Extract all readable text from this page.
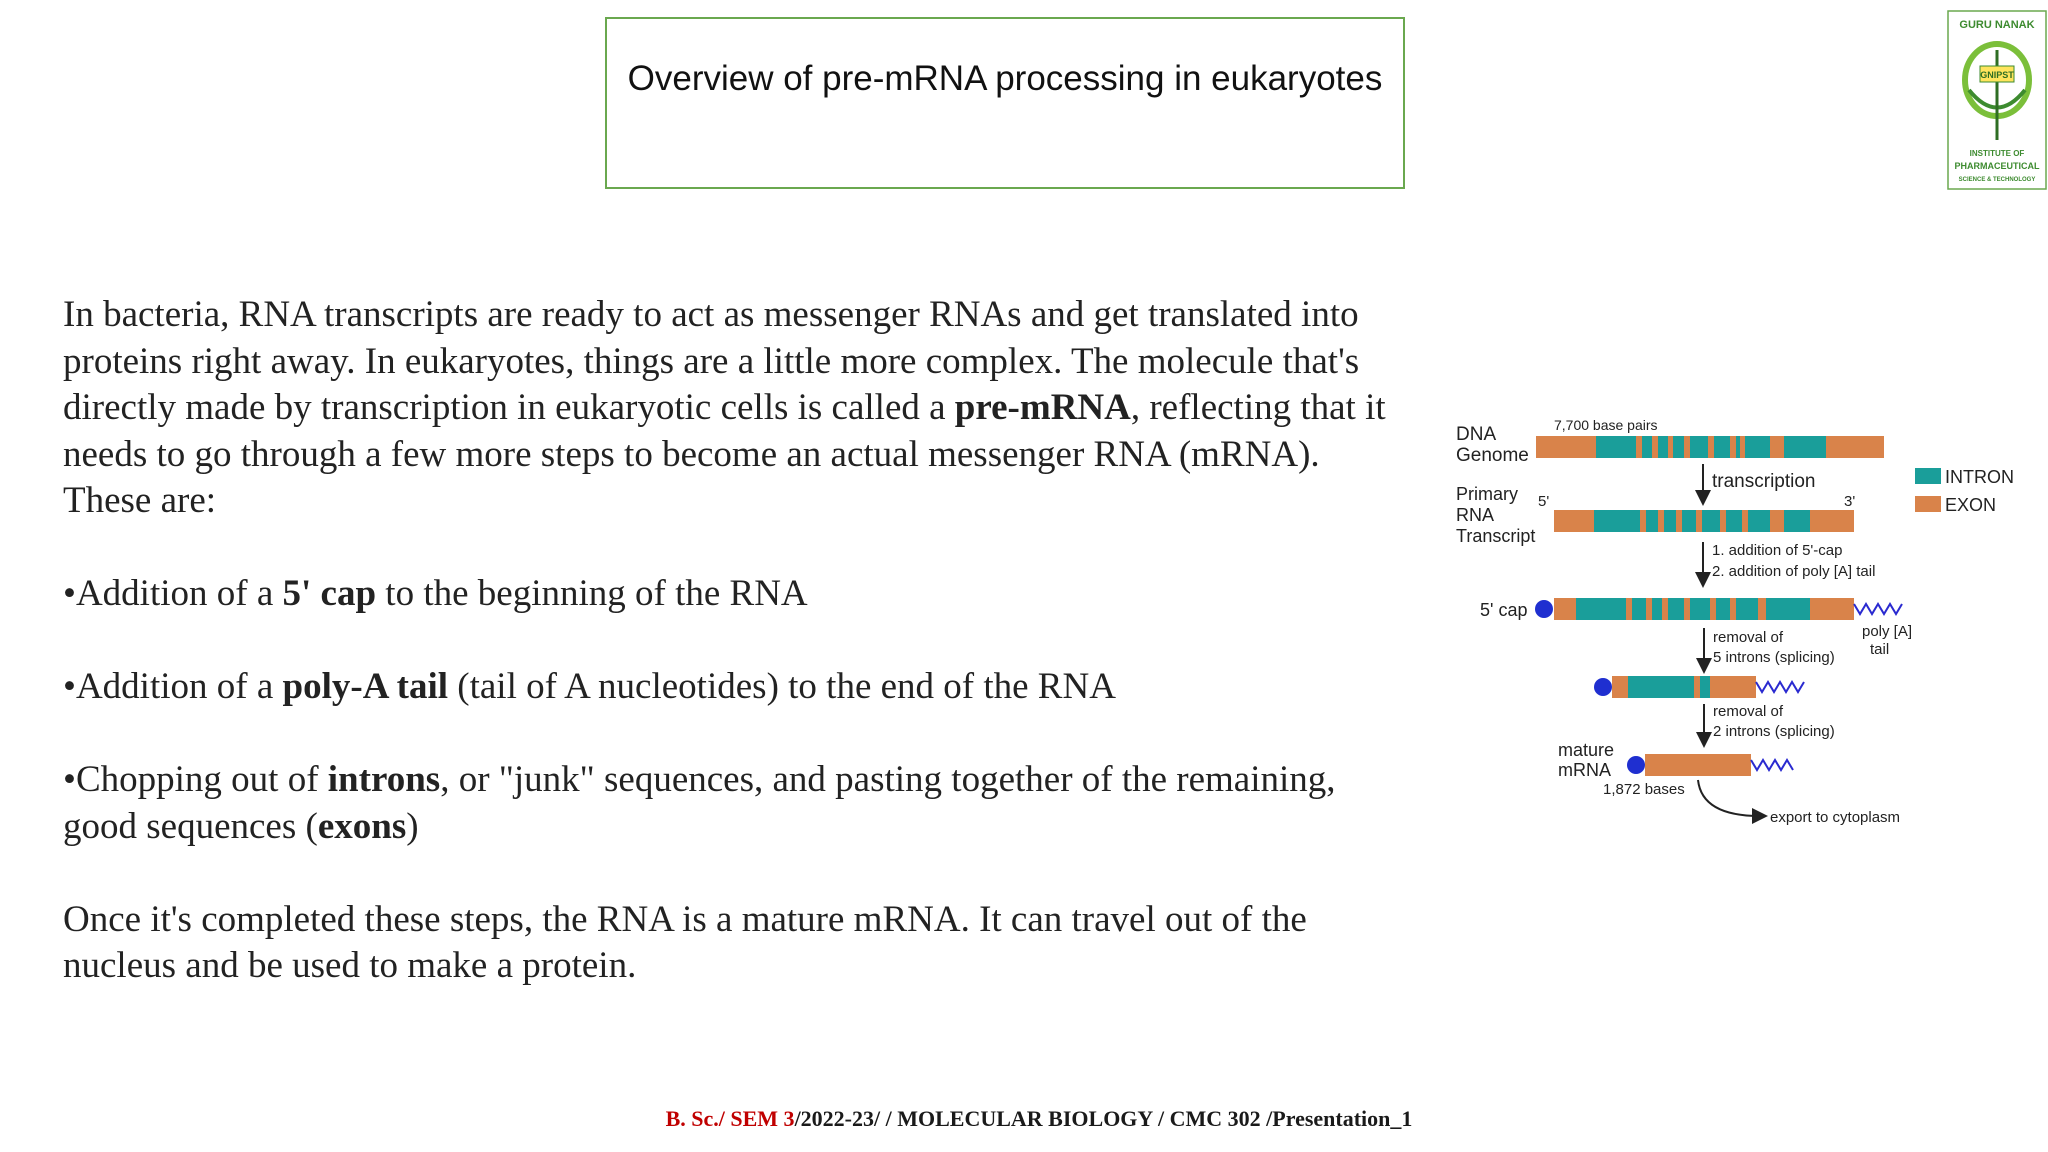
Overview of pre-mRNA processing in eukaryotes
GURU NANAK
GNIPST
INSTITUTE OF
PHARMACEUTICAL
SCIENCE & TECHNOLOGY

In bacteria, RNA transcripts are ready to act as messenger RNAs and get translated into proteins right away. In eukaryotes, things are a little more complex. The molecule that's directly made by transcription in eukaryotic cells is called a pre-mRNA, reflecting that it needs to go through a few more steps to become an actual messenger RNA (mRNA). These are:

•Addition of a 5' cap to the beginning of the RNA

•Addition of a poly-A tail (tail of A nucleotides) to the end of the RNA

•Chopping out of introns, or "junk" sequences, and pasting together of the remaining, good sequences (exons)

Once it's completed these steps, the RNA is a mature mRNA. It can travel out of the nucleus and be used to make a protein.

DNA
Genome
7,700 base pairs
transcription	INTRON
EXON
Primary
RNA
Transcript
5'	3'
1. addition of 5'-cap
2. addition of poly [A] tail
5' cap
poly [A]
tail
removal of
5 introns (splicing)
removal of
2 introns (splicing)
mature
mRNA
1,872 bases
export to cytoplasm
B. Sc./ SEM 3/2022-23/ / MOLECULAR BIOLOGY / CMC 302 /Presentation_1
